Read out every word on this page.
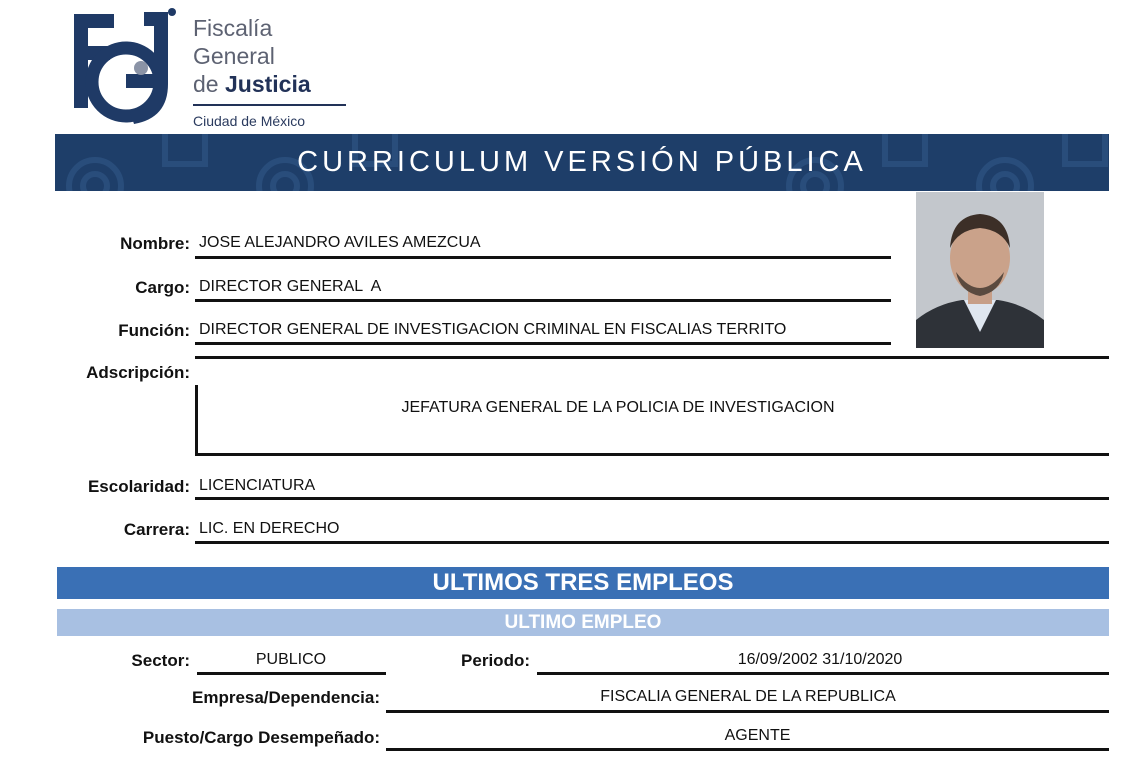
Fiscalía
General
de Justicia
Ciudad de México
CURRICULUM VERSIÓN PÚBLICA
Nombre: JOSE ALEJANDRO AVILES AMEZCUA
Cargo: DIRECTOR GENERAL  A
Función: DIRECTOR GENERAL DE INVESTIGACION CRIMINAL EN FISCALIAS TERRITO
Adscripción:
JEFATURA GENERAL DE LA POLICIA DE INVESTIGACION
Escolaridad: LICENCIATURA
Carrera: LIC. EN DERECHO
ULTIMOS TRES EMPLEOS
ULTIMO EMPLEO
Sector:	PUBLICO	Periodo:	16/09/2002 31/10/2020
Empresa/Dependencia:	FISCALIA GENERAL DE LA REPUBLICA
Puesto/Cargo Desempeñado:	AGENTE
